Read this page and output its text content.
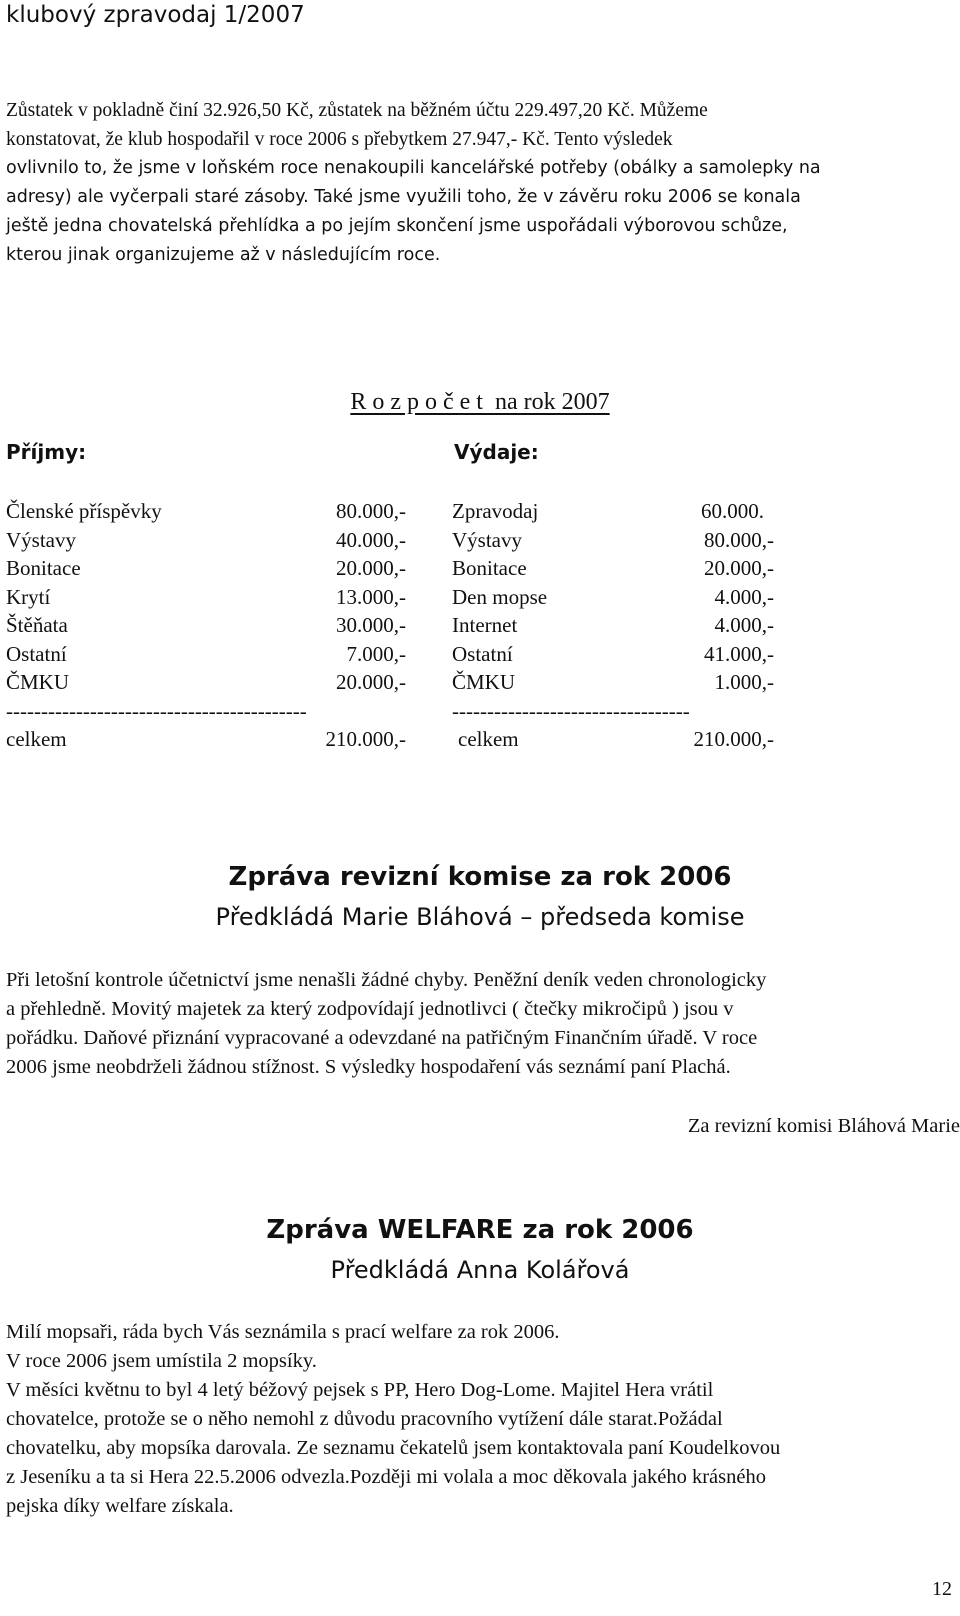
klubový zpravodaj 1/2007
Zůstatek v pokladně činí 32.926,50 Kč, zůstatek na běžném účtu 229.497,20 Kč. Můžeme
konstatovat, že klub hospodařil v roce 2006 s přebytkem 27.947,- Kč. Tento výsledek
ovlivnilo to, že jsme v loňském roce nenakoupili kancelářské potřeby (obálky a samolepky na
adresy) ale vyčerpali staré zásoby. Také jsme využili toho, že v závěru roku 2006 se konala
ještě jedna chovatelská přehlídka a po jejím skončení jsme uspořádali výborovou schůze,
kterou jinak organizujeme až v následujícím roce.
R o z p o č e t na rok 2007
Příjmy:	Výdaje:
Členské příspěvky	80.000,-
Výstavy	40.000,-
Bonitace	20.000,-
Krytí	13.000,-
Štěňata	30.000,-
Ostatní	7.000,-
ČMKU	20.000,-
-------------------------------------------
celkem	210.000,-
Zpravodaj	60.000.
Výstavy	80.000,-
Bonitace	20.000,-
Den mopse	4.000,-
Internet	4.000,-
Ostatní	41.000,-
ČMKU	1.000,-
----------------------------------
celkem	210.000,-
Zpráva revizní komise za rok 2006
Předkládá Marie Bláhová – předseda komise
Při letošní kontrole účetnictví jsme nenašli žádné chyby. Peněžní deník veden chronologicky
a přehledně. Movitý majetek za který zodpovídají jednotlivci ( čtečky mikročipů ) jsou v
pořádku. Daňové přiznání vypracované a odevzdané na patřičným Finančním úřadě. V roce
2006 jsme neobdrželi žádnou stížnost. S výsledky hospodaření vás seznámí paní Plachá.
Za revizní komisi Bláhová Marie
Zpráva WELFARE za rok 2006
Předkládá Anna Kolářová
Milí mopsaři, ráda bych Vás seznámila s prací welfare za rok 2006.
V roce 2006 jsem umístila 2 mopsíky.
V měsíci květnu to byl 4 letý béžový pejsek s PP, Hero Dog-Lome. Majitel Hera vrátil
chovatelce, protože se o něho nemohl z důvodu pracovního vytížení dále starat.Požádal
chovatelku, aby mopsíka darovala. Ze seznamu čekatelů jsem kontaktovala paní Koudelkovou
z Jeseníku a ta si Hera 22.5.2006 odvezla.Později mi volala a moc děkovala jakého krásného
pejska díky welfare získala.
12
